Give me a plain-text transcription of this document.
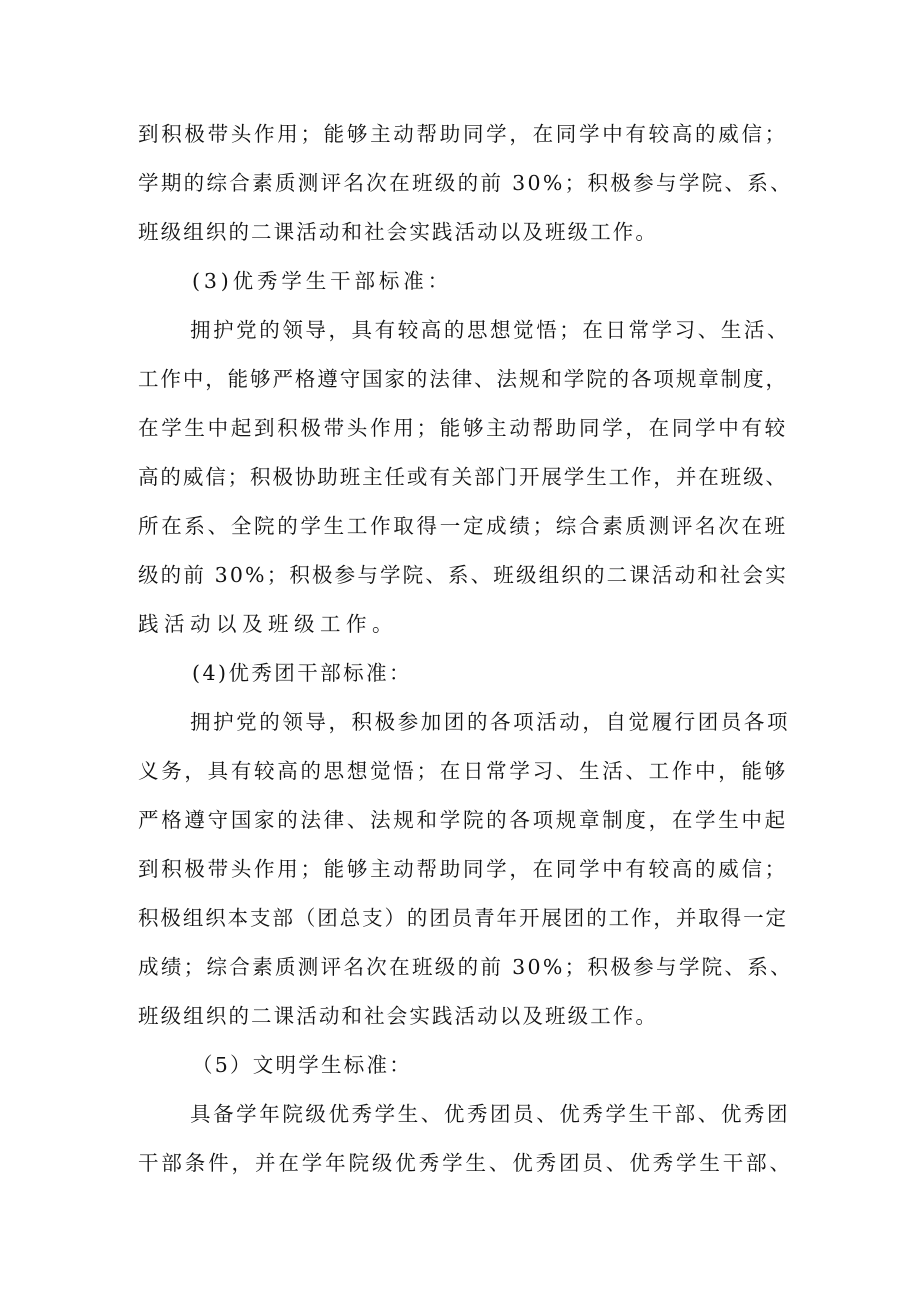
到积极带头作用；能够主动帮助同学，在同学中有较高的威信；
学期的综合素质测评名次在班级的前 30%；积极参与学院、系、
班级组织的二课活动和社会实践活动以及班级工作。
(3)优秀学生干部标准：
拥护党的领导，具有较高的思想觉悟；在日常学习、生活、
工作中，能够严格遵守国家的法律、法规和学院的各项规章制度，
在学生中起到积极带头作用；能够主动帮助同学，在同学中有较
高的威信；积极协助班主任或有关部门开展学生工作，并在班级、
所在系、全院的学生工作取得一定成绩；综合素质测评名次在班
级的前 30%；积极参与学院、系、班级组织的二课活动和社会实
践活动以及班级工作。
(4)优秀团干部标准：
拥护党的领导，积极参加团的各项活动，自觉履行团员各项
义务，具有较高的思想觉悟；在日常学习、生活、工作中，能够
严格遵守国家的法律、法规和学院的各项规章制度，在学生中起
到积极带头作用；能够主动帮助同学，在同学中有较高的威信；
积极组织本支部（团总支）的团员青年开展团的工作，并取得一定
成绩；综合素质测评名次在班级的前 30%；积极参与学院、系、
班级组织的二课活动和社会实践活动以及班级工作。
（5）文明学生标准：
具备学年院级优秀学生、优秀团员、优秀学生干部、优秀团
干部条件，并在学年院级优秀学生、优秀团员、优秀学生干部、
